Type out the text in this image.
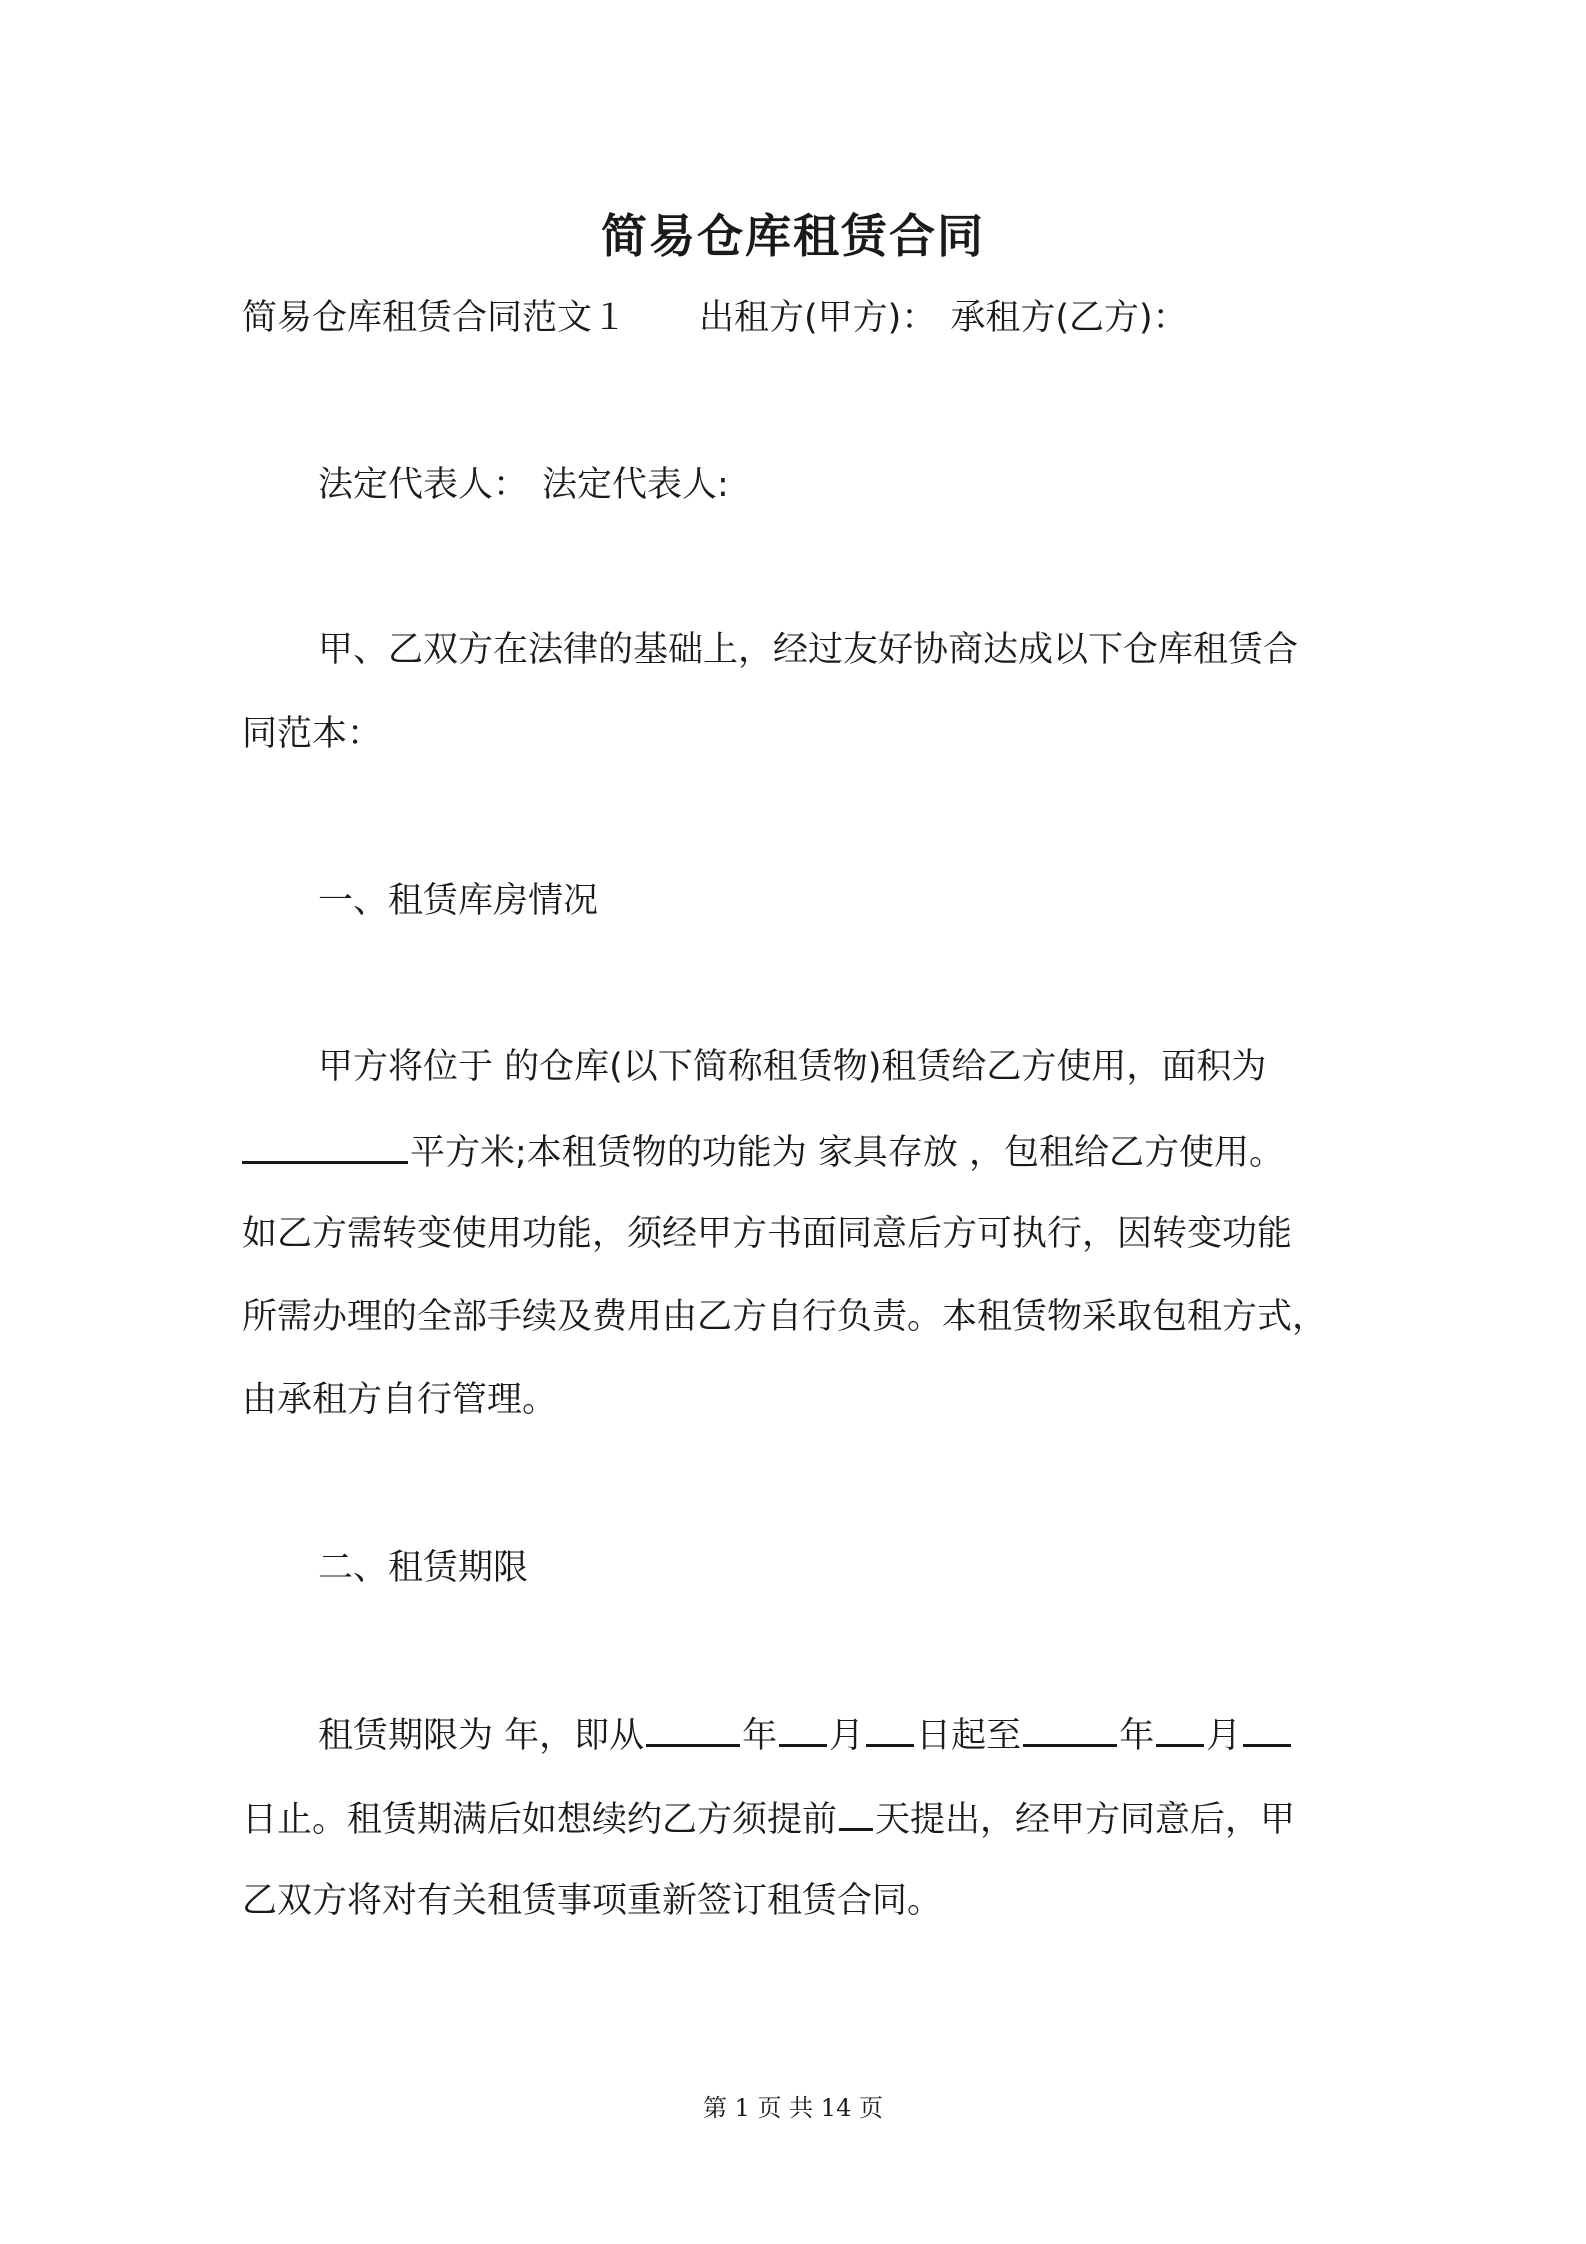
简易仓库租赁合同
简易仓库租赁合同范文１ 出租方(甲方)： 承租方(乙方)：
法定代表人： 法定代表人:
甲、乙双方在法律的基础上，经过友好协商达成以下仓库租赁合
同范本：
一、租赁库房情况
甲方将位于 的仓库(以下简称租赁物)租赁给乙方使用，面积为
平方米;本租赁物的功能为 家具存放 ，包租给乙方使用。
如乙方需转变使用功能，须经甲方书面同意后方可执行，因转变功能
所需办理的全部手续及费用由乙方自行负责。本租赁物采取包租方式，
由承租方自行管理。
二、租赁期限
租赁期限为 年，即从	年 月 日起至	年 月
日止。租赁期满后如想续约乙方须提前 天提出，经甲方同意后，甲
乙双方将对有关租赁事项重新签订租赁合同。
第 1 页 共 14 页
